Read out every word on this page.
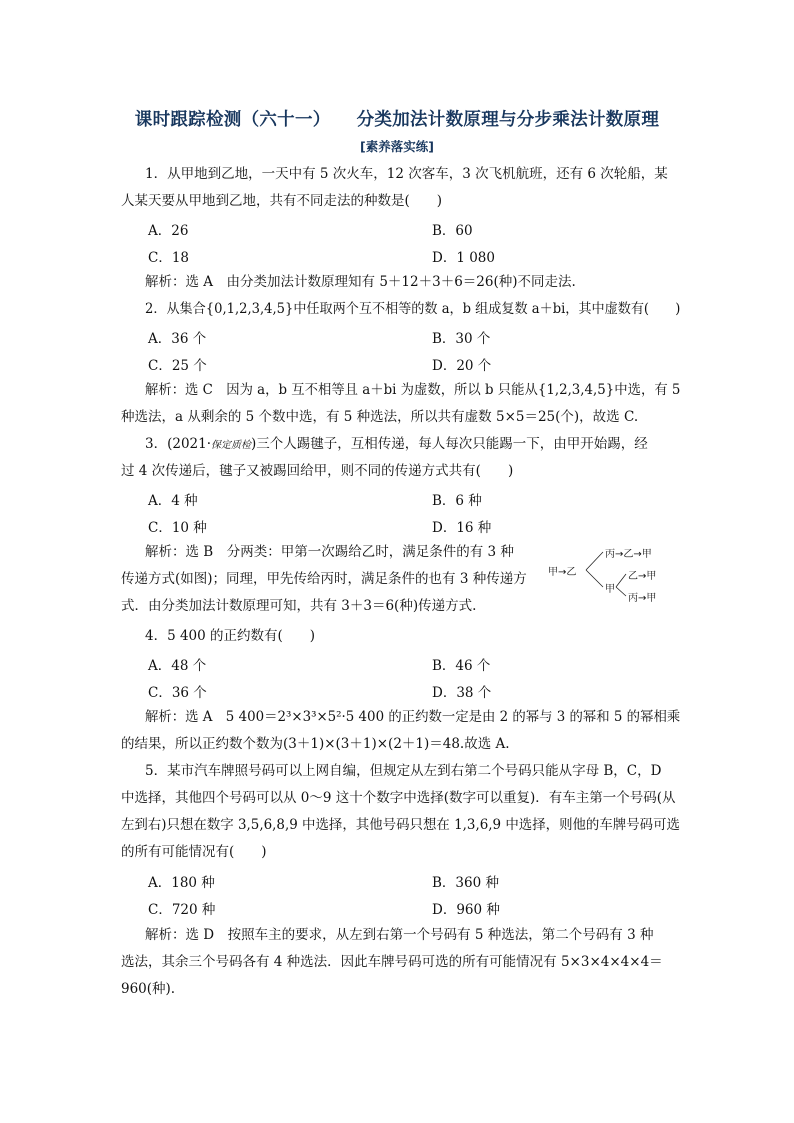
课时跟踪检测（六十一） 分类加法计数原理与分步乘法计数原理
[素养落实练]
1．从甲地到乙地，一天中有 5 次火车，12 次客车，3 次飞机航班，还有 6 次轮船，某
人某天要从甲地到乙地，共有不同走法的种数是(　　)
A．26	B．60
C．18	D．1 080
解析：选 A　由分类加法计数原理知有 5＋12＋3＋6＝26(种)不同走法.
2．从集合{0,1,2,3,4,5}中任取两个互不相等的数 a，b 组成复数 a＋bi，其中虚数有(　　)
A．36 个	B．30 个
C．25 个	D．20 个
解析：选 C　因为 a，b 互不相等且 a＋bi 为虚数，所以 b 只能从{1,2,3,4,5}中选，有 5
种选法，a 从剩余的 5 个数中选，有 5 种选法，所以共有虚数 5×5＝25(个)，故选 C.
3．(2021·保定质检)三个人踢毽子，互相传递，每人每次只能踢一下，由甲开始踢，经
过 4 次传递后，毽子又被踢回给甲，则不同的传递方式共有(　　)
A．4 种	B．6 种
C．10 种	D．16 种
解析：选 B　分两类：甲第一次踢给乙时，满足条件的有 3 种
传递方式(如图)；同理，甲先传给丙时，满足条件的也有 3 种传递方
式．由分类加法计数原理可知，共有 3＋3＝6(种)传递方式.
甲→乙
丙→乙→甲
甲
乙→甲
丙→甲
4．5 400 的正约数有(　　)
A．48 个	B．46 个
C．36 个	D．38 个
解析：选 A　5 400＝2³×3³×5²·5 400 的正约数一定是由 2 的幂与 3 的幂和 5 的幂相乘
的结果，所以正约数个数为(3＋1)×(3＋1)×(2＋1)＝48.故选 A.
5．某市汽车牌照号码可以上网自编，但规定从左到右第二个号码只能从字母 B，C，D
中选择，其他四个号码可以从 0～9 这十个数字中选择(数字可以重复)．有车主第一个号码(从
左到右)只想在数字 3,5,6,8,9 中选择，其他号码只想在 1,3,6,9 中选择，则他的车牌号码可选
的所有可能情况有(　　)
A．180 种	B．360 种
C．720 种	D．960 种
解析：选 D　按照车主的要求，从左到右第一个号码有 5 种选法，第二个号码有 3 种
选法，其余三个号码各有 4 种选法．因此车牌号码可选的所有可能情况有 5×3×4×4×4＝
960(种).
